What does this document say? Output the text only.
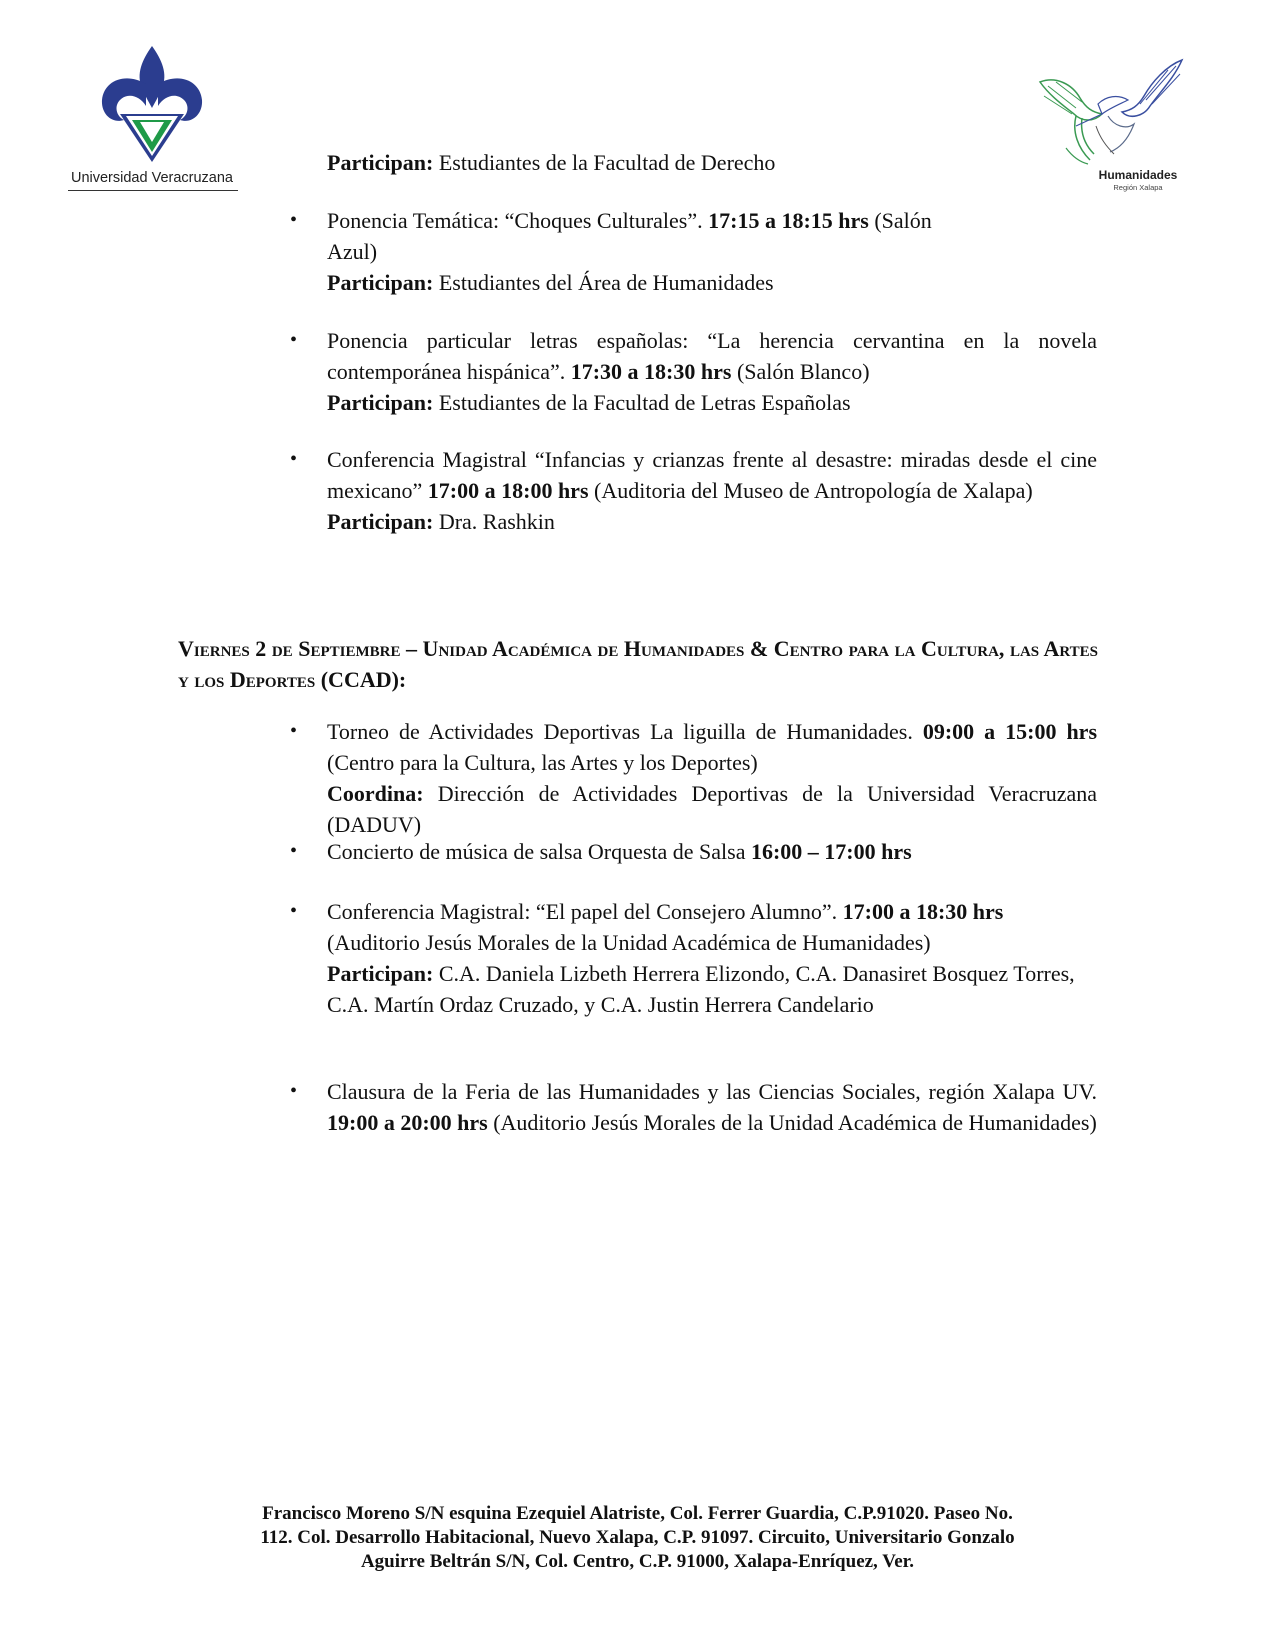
Universidad Veracruzana	Humanidades
Región Xalapa
Participan: Estudiantes de la Facultad de Derecho
• Ponencia Temática: “Choques Culturales”. 17:15 a 18:15 hrs (Salón
Azul)
Participan: Estudiantes del Área de Humanidades
• Ponencia particular letras españolas: “La herencia cervantina en la novela contemporánea hispánica”. 17:30 a 18:30 hrs (Salón Blanco)
Participan: Estudiantes de la Facultad de Letras Españolas
• Conferencia Magistral “Infancias y crianzas frente al desastre: miradas desde el cine mexicano” 17:00 a 18:00 hrs (Auditoria del Museo de Antropología de Xalapa)
Participan: Dra. Rashkin
Viernes 2 de Septiembre – Unidad Académica de Humanidades & Centro para la Cultura, las Artes y los Deportes (CCAD):
• Torneo de Actividades Deportivas La liguilla de Humanidades. 09:00 a 15:00 hrs (Centro para la Cultura, las Artes y los Deportes)
Coordina: Dirección de Actividades Deportivas de la Universidad Veracruzana (DADUV)
• Concierto de música de salsa Orquesta de Salsa 16:00 – 17:00 hrs
• Conferencia Magistral: “El papel del Consejero Alumno”. 17:00 a 18:30 hrs (Auditorio Jesús Morales de la Unidad Académica de Humanidades)
Participan: C.A. Daniela Lizbeth Herrera Elizondo, C.A. Danasiret Bosquez Torres, C.A. Martín Ordaz Cruzado, y C.A. Justin Herrera Candelario
• Clausura de la Feria de las Humanidades y las Ciencias Sociales, región Xalapa UV. 19:00 a 20:00 hrs (Auditorio Jesús Morales de la Unidad Académica de Humanidades)
Francisco Moreno S/N esquina Ezequiel Alatriste, Col. Ferrer Guardia, C.P.91020. Paseo No.
112. Col. Desarrollo Habitacional, Nuevo Xalapa, C.P. 91097. Circuito, Universitario Gonzalo
Aguirre Beltrán S/N, Col. Centro, C.P. 91000, Xalapa-Enríquez, Ver.
